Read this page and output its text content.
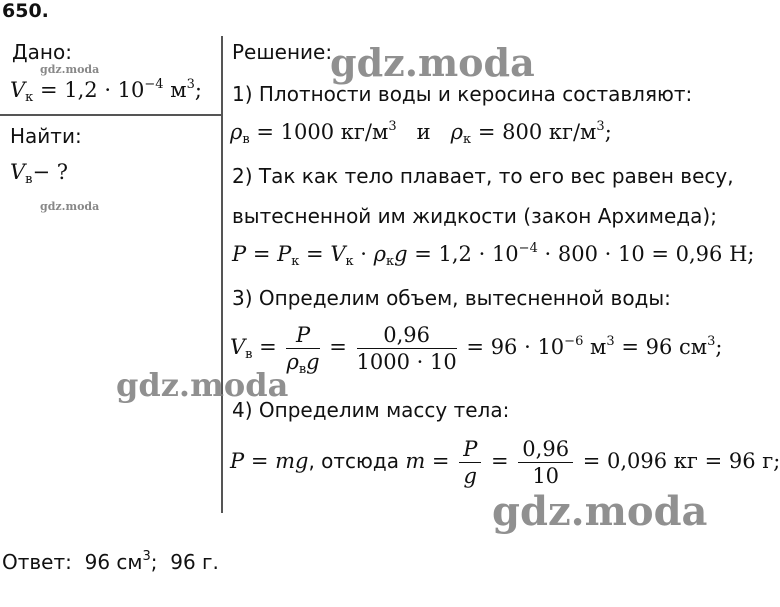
650.
Дано:
gdz.moda
$V_к = 1,2 \cdot 10^{-4}$ $м^3$;
Найти:
$V_в-$ ?
gdz.moda
Решение:
gdz.moda
1) Плотности воды и керосина составляют:
$\rho_в = 1000$ $кг/м^3$ и $\rho_к = 800$ $кг/м^3$;
2) Так как тело плавает, то его вес равен весу,
вытесненной им жидкости (закон Архимеда);
$P = P_к = V_к \cdot \rho_кg = 1,2 \cdot 10^{-4} \cdot 800 \cdot 10 = 0,96$ Н;
3) Определим объем, вытесненной воды:
$V_в = \frac{P}{\rho_вg} = \frac{0,96}{1000 \cdot 10} = 96 \cdot 10^{-6}$ $м^3 = 96$ $см^3$;
gdz.moda
4) Определим массу тела:
P = mg, отсюда $m = \frac{P}{g} = \frac{0,96}{10} = 0,096$ кг = 96 г;
gdz.moda
Ответ: 96 $см^3$; 96 г.
